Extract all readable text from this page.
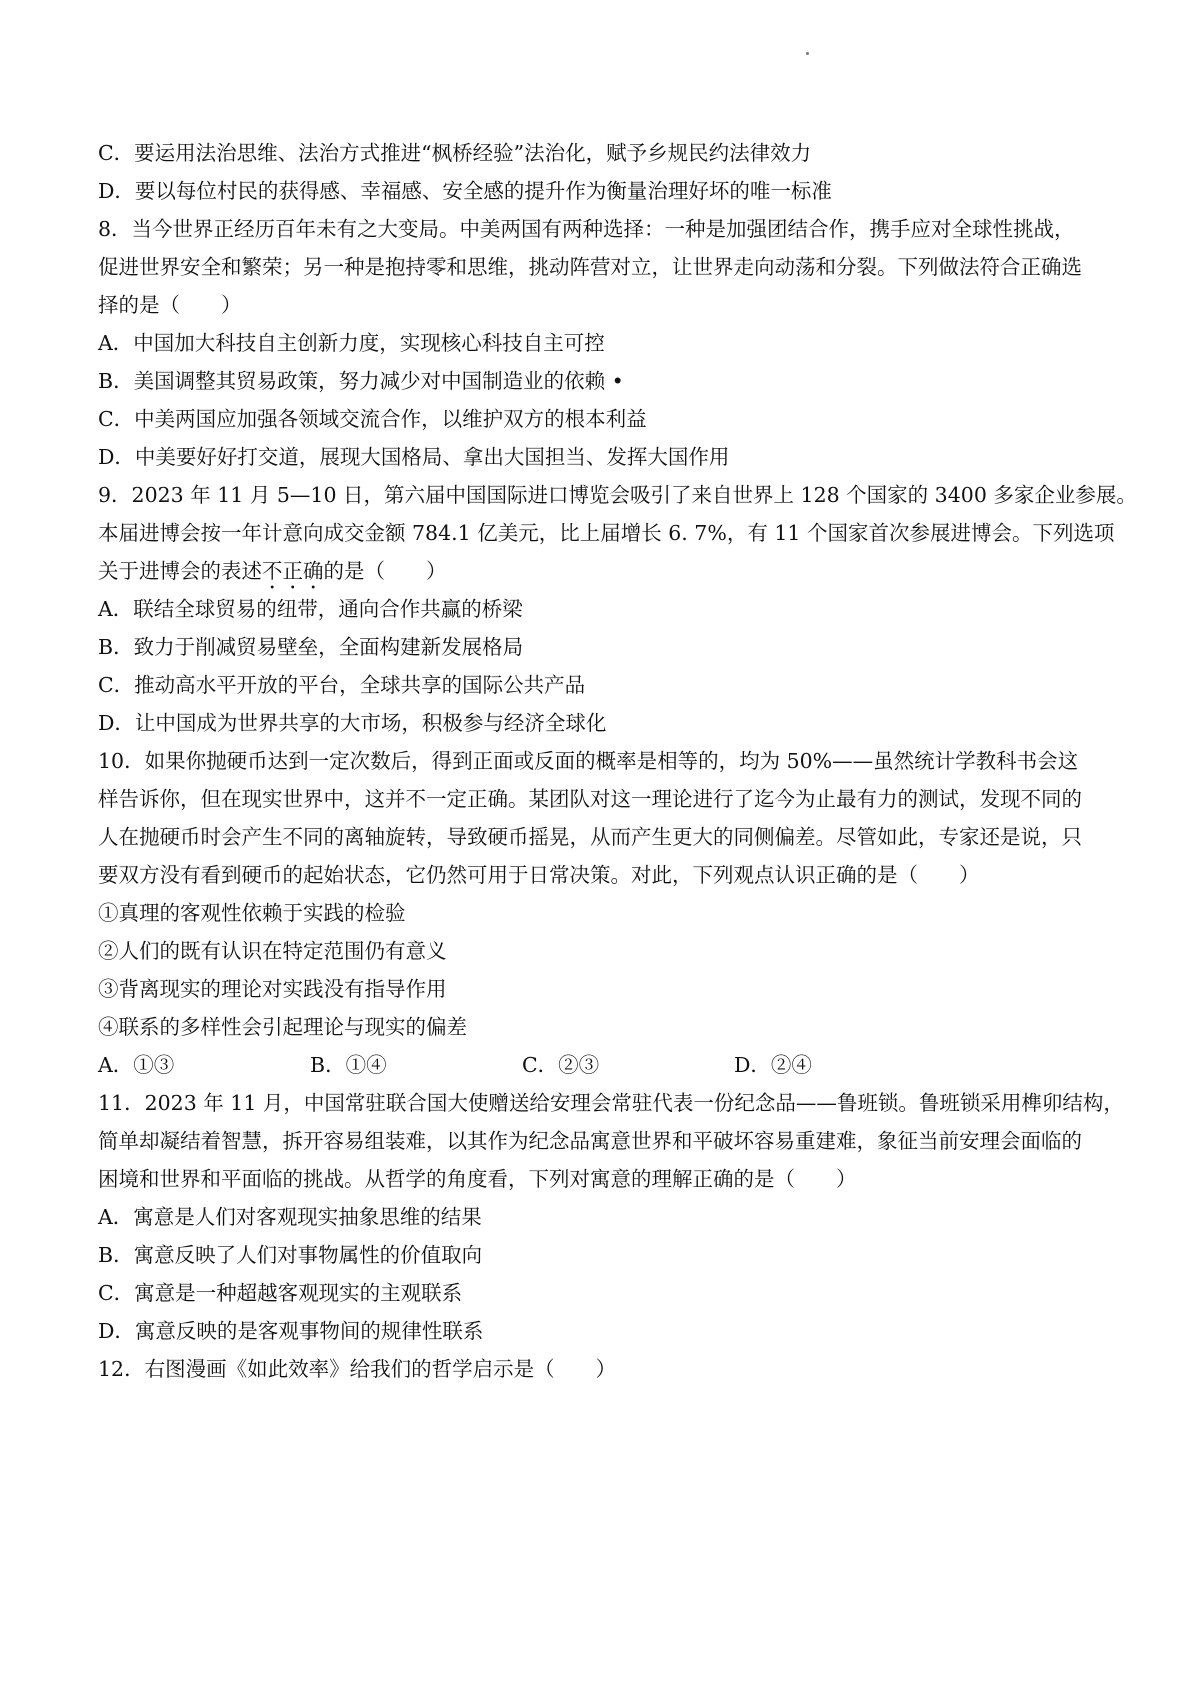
C．要运用法治思维、法治方式推进“枫桥经验”法治化，赋予乡规民约法律效力
D．要以每位村民的获得感、幸福感、安全感的提升作为衡量治理好坏的唯一标准
8．当今世界正经历百年未有之大变局。中美两国有两种选择：一种是加强团结合作，携手应对全球性挑战，
促进世界安全和繁荣；另一种是抱持零和思维，挑动阵营对立，让世界走向动荡和分裂。下列做法符合正确选
择的是（　　）
A．中国加大科技自主创新力度，实现核心科技自主可控
B．美国调整其贸易政策，努力减少对中国制造业的依赖 •
C．中美两国应加强各领域交流合作，以维护双方的根本利益
D．中美要好好打交道，展现大国格局、拿出大国担当、发挥大国作用
9．2023 年 11 月 5—10 日，第六届中国国际进口博览会吸引了来自世界上 128 个国家的 3400 多家企业参展。
本届进博会按一年计意向成交金额 784.1 亿美元，比上届增长 6. 7%，有 11 个国家首次参展进博会。下列选项
关于进博会的表述不正确的是（　　）
A．联结全球贸易的纽带，通向合作共赢的桥梁
B．致力于削减贸易壁垒，全面构建新发展格局
C．推动高水平开放的平台，全球共享的国际公共产品
D．让中国成为世界共享的大市场，积极参与经济全球化
10．如果你抛硬币达到一定次数后，得到正面或反面的概率是相等的，均为 50%——虽然统计学教科书会这
样告诉你，但在现实世界中，这并不一定正确。某团队对这一理论进行了迄今为止最有力的测试，发现不同的
人在抛硬币时会产生不同的离轴旋转，导致硬币摇晃，从而产生更大的同侧偏差。尽管如此，专家还是说，只
要双方没有看到硬币的起始状态，它仍然可用于日常决策。对此，下列观点认识正确的是（　　）
①真理的客观性依赖于实践的检验
②人们的既有认识在特定范围仍有意义
③背离现实的理论对实践没有指导作用
④联系的多样性会引起理论与现实的偏差
A．①③	B．①④	C．②③	D．②④
11．2023 年 11 月，中国常驻联合国大使赠送给安理会常驻代表一份纪念品——鲁班锁。鲁班锁采用榫卯结构，
简单却凝结着智慧，拆开容易组装难，以其作为纪念品寓意世界和平破坏容易重建难，象征当前安理会面临的
困境和世界和平面临的挑战。从哲学的角度看，下列对寓意的理解正确的是（　　）
A．寓意是人们对客观现实抽象思维的结果
B．寓意反映了人们对事物属性的价值取向
C．寓意是一种超越客观现实的主观联系
D．寓意反映的是客观事物间的规律性联系
12．右图漫画《如此效率》给我们的哲学启示是（　　）
